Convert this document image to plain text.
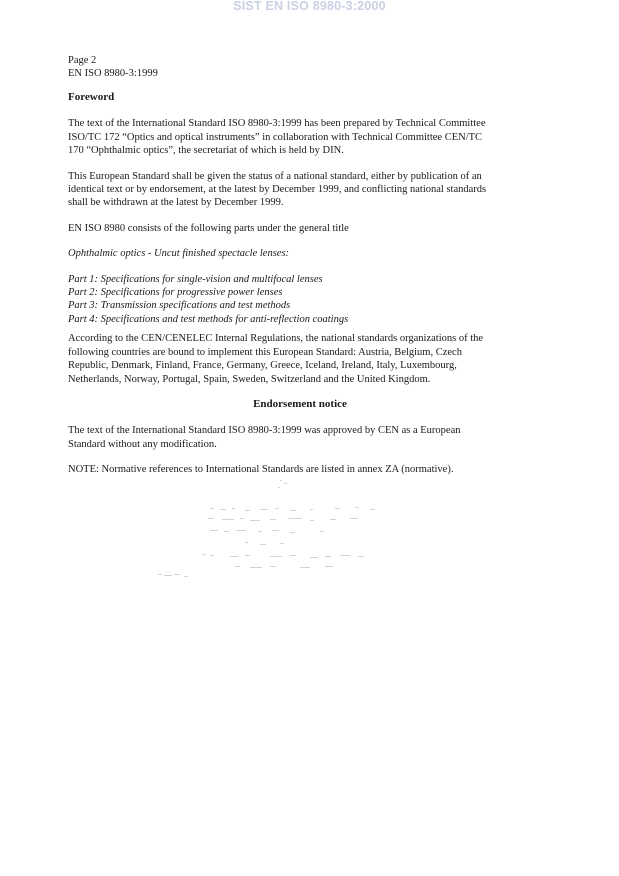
SIST EN ISO 8980-3:2000
Page 2
EN ISO 8980-3:1999
Foreword
The text of the International Standard ISO 8980-3:1999 has been prepared by Technical Committee
ISO/TC 172 “Optics and optical instruments” in collaboration with Technical Committee CEN/TC
170 “Ophthalmic optics”, the secretariat of which is held by DIN.
This European Standard shall be given the status of a national standard, either by publication of an
identical text or by endorsement, at the latest by December 1999, and conflicting national standards
shall be withdrawn at the latest by December 1999.
EN ISO 8980 consists of the following parts under the general title
Ophthalmic optics - Uncut finished spectacle lenses:
Part 1: Specifications for single-vision and multifocal lenses
Part 2: Specifications for progressive power lenses
Part 3: Transmission specifications and test methods
Part 4: Specifications and test methods for anti-reflection coatings
According to the CEN/CENELEC Internal Regulations, the national standards organizations of the
following countries are bound to implement this European Standard: Austria, Belgium, Czech
Republic, Denmark, Finland, France, Germany, Greece, Iceland, Ireland, Italy, Luxembourg,
Netherlands, Norway, Portugal, Spain, Sweden, Switzerland and the United Kingdom.
Endorsement notice
The text of the International Standard ISO 8980-3:1999 was approved by CEN as a European
Standard without any modification.
NOTE: Normative references to International Standards are listed in annex ZA (normative).
